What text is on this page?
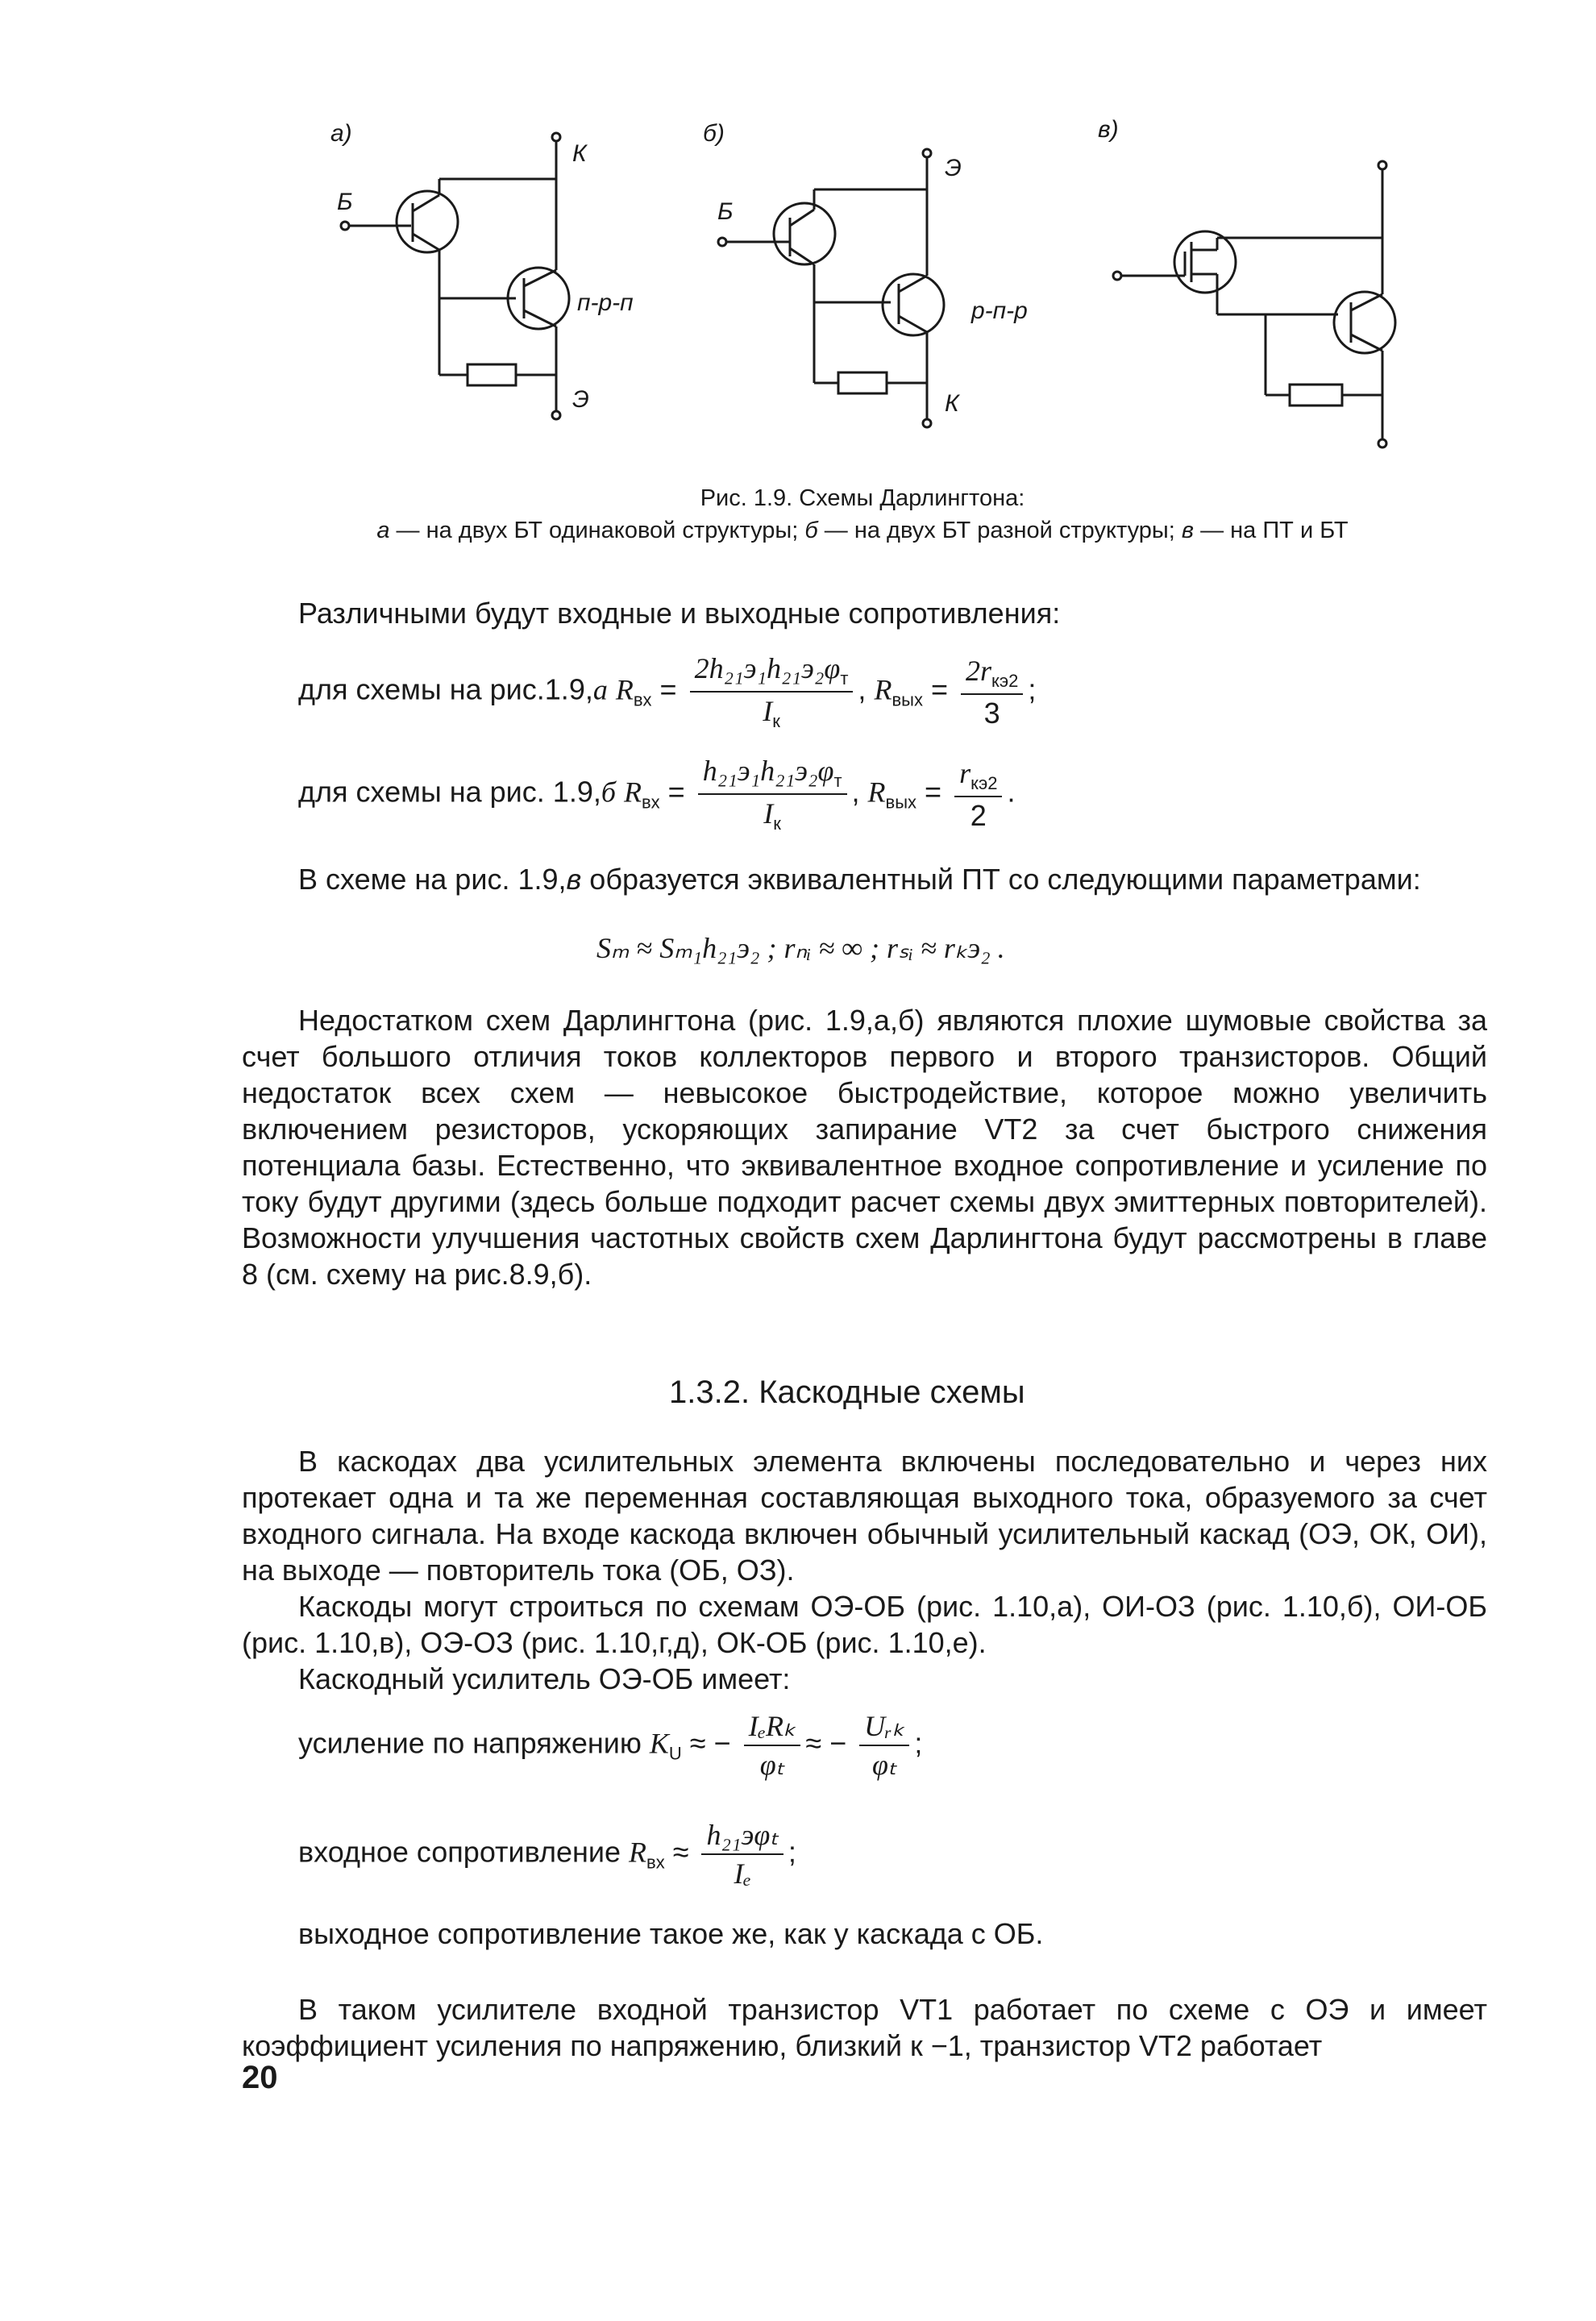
а)
Б
К
Э
п-р-п
б)
Б
Э
К
р-п-р
в)
Рис. 1.9. Схемы Дарлингтона:
а — на двух БТ одинаковой структуры; б — на двух БТ разной структуры; в — на ПТ и БТ
Различными будут входные и выходные сопротивления:
для схемы на рис.1.9,а $R_{вх} = \frac{2h_{21}э_1h_{21}э_2\varphi_т}{I_к}$ , $R_{вых} = \frac{2r_{кэ2}}{3}$ ;
для схемы на рис. 1.9,б $R_{вх} = \frac{h_{21}э_1h_{21}э_2\varphi_т}{I_к}$ , $R_{вых} = \frac{r_{кэ2}}{2}$ .
В схеме на рис. 1.9,в образуется эквивалентный ПТ со следующими параметрами:
Sₘ ≈ Sₘ₁h₂₁э₂ ; rₙᵢ ≈ ∞ ; rₛᵢ ≈ rₖэ₂ .
Недостатком схем Дарлингтона (рис. 1.9,а,б) являются плохие шумовые свойства за счет большого отличия токов коллекторов первого и второго транзисторов. Общий недостаток всех схем — невысокое быстродействие, которое можно увеличить включением резисторов, ускоряющих запирание VT2 за счет быстрого снижения потенциала базы. Естественно, что эквивалентное входное сопротивление и усиление по току будут другими (здесь больше подходит расчет схемы двух эмиттерных повторителей). Возможности улучшения частотных свойств схем Дарлингтона будут рассмотрены в главе 8 (см. схему на рис.8.9,б).
1.3.2. Каскодные схемы
В каскодах два усилительных элемента включены последовательно и через них протекает одна и та же переменная составляющая выходного тока, образуемого за счет входного сигнала. На входе каскода включен обычный усилительный каскад (ОЭ, ОК, ОИ), на выходе — повторитель тока (ОБ, ОЗ).
Каскоды могут строиться по схемам ОЭ-ОБ (рис. 1.10,а), ОИ-ОЗ (рис. 1.10,б), ОИ-ОБ (рис. 1.10,в), ОЭ-ОЗ (рис. 1.10,г,д), ОК-ОБ (рис. 1.10,е).
Каскодный усилитель ОЭ-ОБ имеет:
усиление по напряжению $K_U$ ≈ − $\frac{\text{IₑRₖ}}{\text{φₜ}}$ ≈ − $\frac{\text{Uᵣₖ}}{\text{φₜ}}$ ;
входное сопротивление $R_{вх} \approx \frac{\text{h₂₁эφₜ}}{\text{Iₑ}}$ ;
выходное сопротивление такое же, как у каскада с ОБ.
В таком усилителе входной транзистор VT1 работает по схеме с ОЭ и имеет коэффициент усиления по напряжению, близкий к −1, транзистор VT2 работает
20
